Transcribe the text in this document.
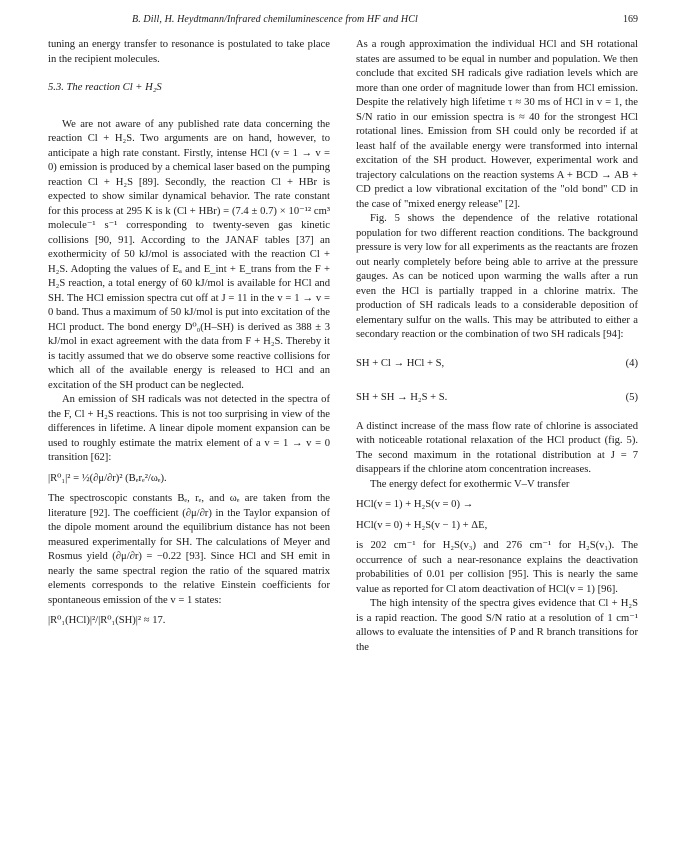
B. Dill, H. Heydtmann/Infrared chemiluminescence from HF and HCl	169

tuning an energy transfer to resonance is postulated to take place in the recipient molecules.

5.3. The reaction Cl + H₂S

We are not aware of any published rate data concerning the reaction Cl + H₂S. Two arguments are on hand, however, to anticipate a high rate constant. Firstly, intense HCl (v = 1 → v = 0) emission is produced by a chemical laser based on the pumping reaction Cl + H₂S [89]. Secondly, the reaction Cl + HBr is expected to show similar dynamical behavior. The rate constant for this process at 295 K is k (Cl + HBr) = (7.4 ± 0.7) × 10⁻¹² cm³ molecule⁻¹ s⁻¹ corresponding to twenty-seven gas kinetic collisions [90, 91]. According to the JANAF tables [37] an exothermicity of 50 kJ/mol is associated with the reaction Cl + H₂S. Adopting the values of Eₐ and E_int + E_trans from the F + H₂S reaction, a total energy of 60 kJ/mol is available for HCl and SH. The HCl emission spectra cut off at J = 11 in the v = 1 → v = 0 band. Thus a maximum of 50 kJ/mol is put into excitation of the HCl product. The bond energy D⁰₀(H–SH) is derived as 388 ± 3 kJ/mol in exact agreement with the data from F + H₂S. Thereby it is tacitly assumed that we do observe some reactive collisions for which all of the available energy is released to HCl and an excitation of the SH product can be neglected.

An emission of SH radicals was not detected in the spectra of the F, Cl + H₂S reactions. This is not too surprising in view of the differences in lifetime. A linear dipole moment expansion can be used to roughly estimate the matrix element of a v = 1 → v = 0 transition [62]:

|R⁰₁|² = ½(∂μ/∂r)² (Bₑrₑ²/ωₑ).

The spectroscopic constants Bₑ, rₑ, and ωₑ are taken from the literature [92]. The coefficient (∂μ/∂r) in the Taylor expansion of the dipole moment around the equilibrium distance has not been measured experimentally for SH. The calculations of Meyer and Rosmus yield (∂μ/∂r) = −0.22 [93]. Since HCl and SH emit in nearly the same spectral region the ratio of the squared matrix elements corresponds to the relative Einstein coefficients for spontaneous emission of the v = 1 states:

|R⁰₁(HCl)|²/|R⁰₁(SH)|² ≈ 17.

As a rough approximation the individual HCl and SH rotational states are assumed to be equal in number and population. We then conclude that excited SH radicals give radiation levels which are more than one order of magnitude lower than from HCl emission. Despite the relatively high lifetime τ ≈ 30 ms of HCl in v = 1, the S/N ratio in our emission spectra is ≈ 40 for the strongest HCl rotational lines. Emission from SH could only be recorded if at least half of the available energy were transformed into internal excitation of the SH product. However, experimental work and trajectory calculations on the reaction systems A + BCD → AB + CD predict a low vibrational excitation of the "old bond" CD in the case of "mixed energy release" [2].

Fig. 5 shows the dependence of the relative rotational population for two different reaction conditions. The background pressure is very low for all experiments as the reactants are frozen out nearly completely before being able to arrive at the pressure gauges. As can be noticed upon warming the walls after a run even the HCl is partially trapped in a chlorine matrix. The production of SH radicals leads to a considerable deposition of elementary sulfur on the walls. This may be attributed to either a secondary reaction or the combination of two SH radicals [94]:

SH + Cl → HCl + S,	(4)
SH + SH → H₂S + S.	(5)

A distinct increase of the mass flow rate of chlorine is associated with noticeable rotational relaxation of the HCl product (fig. 5). The second maximum in the rotational distribution at J = 7 disappears if the chlorine atom concentration increases.

The energy defect for exothermic V–V transfer

HCl(v = 1) + H₂S(v = 0) →
HCl(v = 0) + H₂S(v − 1) + ΔE,

is 202 cm⁻¹ for H₂S(v₃) and 276 cm⁻¹ for H₂S(v₁). The occurrence of such a near-resonance explains the deactivation probabilities of 0.01 per collision [95]. This is nearly the same value as reported for Cl atom deactivation of HCl(v = 1) [96].

The high intensity of the spectra gives evidence that Cl + H₂S is a rapid reaction. The good S/N ratio at a resolution of 1 cm⁻¹ allows to evaluate the intensities of P and R branch transitions for the
